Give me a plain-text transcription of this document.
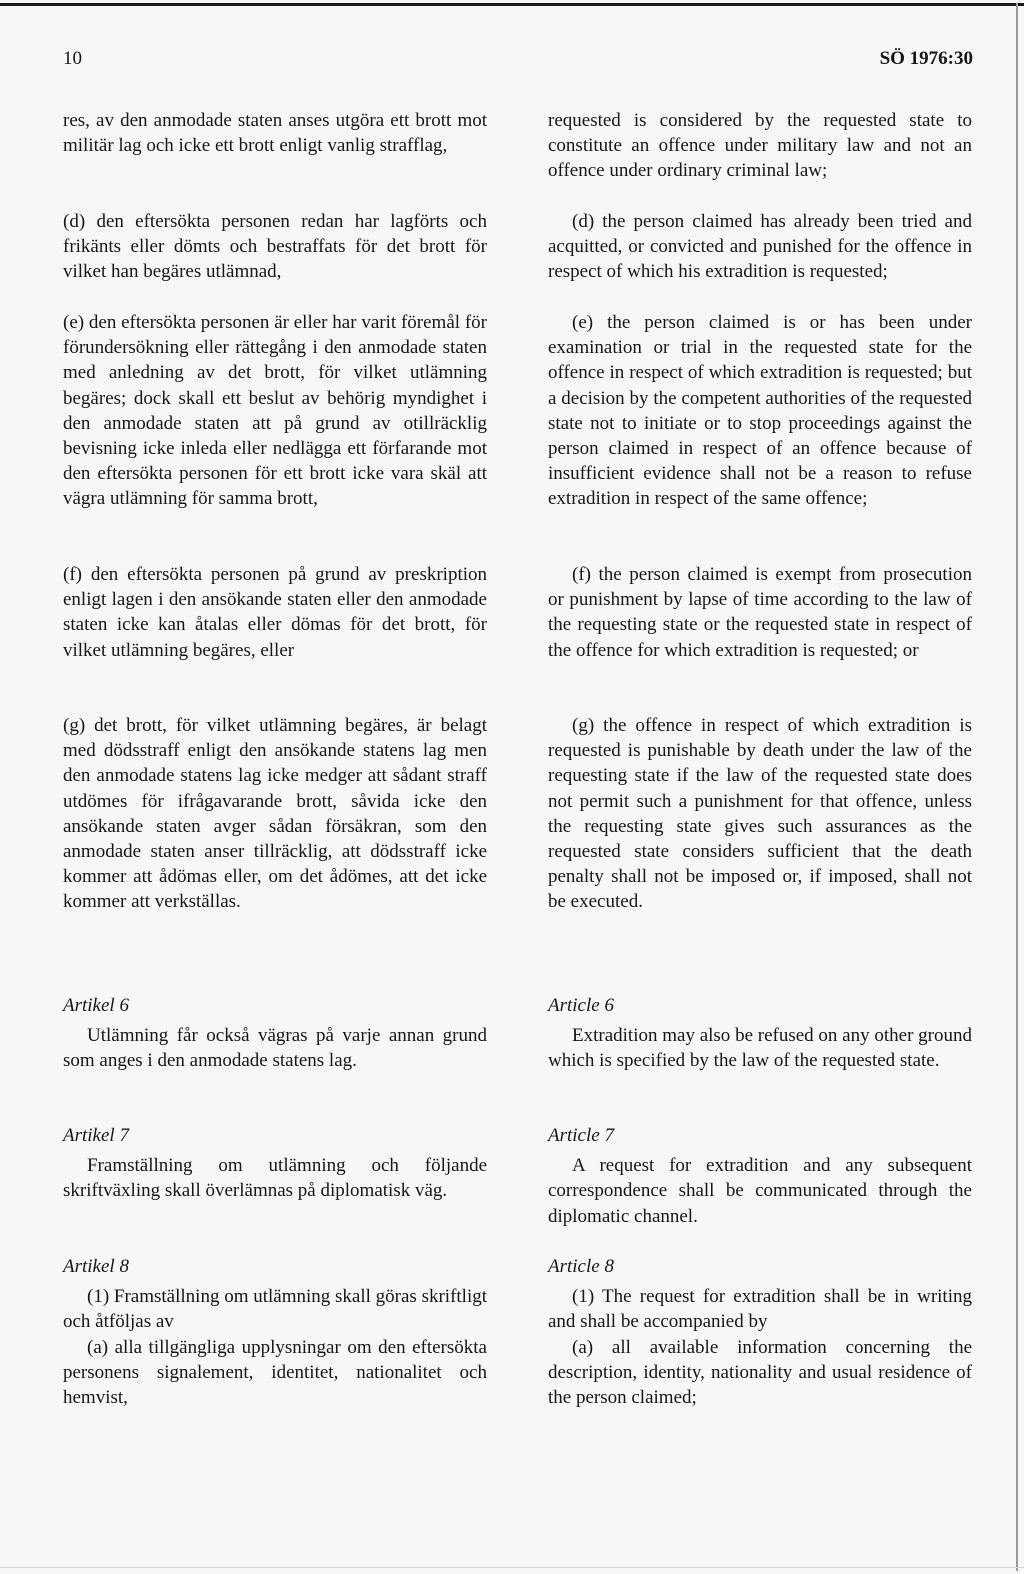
10	SÖ 1976:30

res, av den anmodade staten anses utgöra ett brott mot militär lag och icke ett brott enligt vanlig strafflag,

(d) den eftersökta personen redan har lagförts och frikänts eller dömts och bestraffats för det brott för vilket han begäres utlämnad,

(e) den eftersökta personen är eller har varit föremål för förundersökning eller rättegång i den anmodade staten med anledning av det brott, för vilket utlämning begäres; dock skall ett beslut av behörig myndighet i den anmodade staten att på grund av otillräcklig bevisning icke inleda eller nedlägga ett förfarande mot den eftersökta personen för ett brott icke vara skäl att vägra utlämning för samma brott,

(f) den eftersökta personen på grund av preskription enligt lagen i den ansökande staten eller den anmodade staten icke kan åtalas eller dömas för det brott, för vilket utlämning begäres, eller

(g) det brott, för vilket utlämning begäres, är belagt med dödsstraff enligt den ansökande statens lag men den anmodade statens lag icke medger att sådant straff utdömes för ifrågavarande brott, såvida icke den ansökande staten avger sådan försäkran, som den anmodade staten anser tillräcklig, att dödsstraff icke kommer att ådömas eller, om det ådömes, att det icke kommer att verkställas.

Artikel 6

Utlämning får också vägras på varje annan grund som anges i den anmodade statens lag.

Artikel 7

Framställning om utlämning och följande skriftväxling skall överlämnas på diplomatisk väg.

Artikel 8

(1) Framställning om utlämning skall göras skriftligt och åtföljas av

(a) alla tillgängliga upplysningar om den eftersökta personens signalement, identitet, nationalitet och hemvist,

requested is considered by the requested state to constitute an offence under military law and not an offence under ordinary criminal law;

(d) the person claimed has already been tried and acquitted, or convicted and punished for the offence in respect of which his extradition is requested;

(e) the person claimed is or has been under examination or trial in the requested state for the offence in respect of which extradition is requested; but a decision by the competent authorities of the requested state not to initiate or to stop proceedings against the person claimed in respect of an offence because of insufficient evidence shall not be a reason to refuse extradition in respect of the same offence;

(f) the person claimed is exempt from prosecution or punishment by lapse of time according to the law of the requesting state or the requested state in respect of the offence for which extradition is requested; or

(g) the offence in respect of which extradition is requested is punishable by death under the law of the requesting state if the law of the requested state does not permit such a punishment for that offence, unless the requesting state gives such assurances as the requested state considers sufficient that the death penalty shall not be imposed or, if imposed, shall not be executed.

Article 6

Extradition may also be refused on any other ground which is specified by the law of the requested state.

Article 7

A request for extradition and any subsequent correspondence shall be communicated through the diplomatic channel.

Article 8

(1) The request for extradition shall be in writing and shall be accompanied by

(a) all available information concerning the description, identity, nationality and usual residence of the person claimed;
